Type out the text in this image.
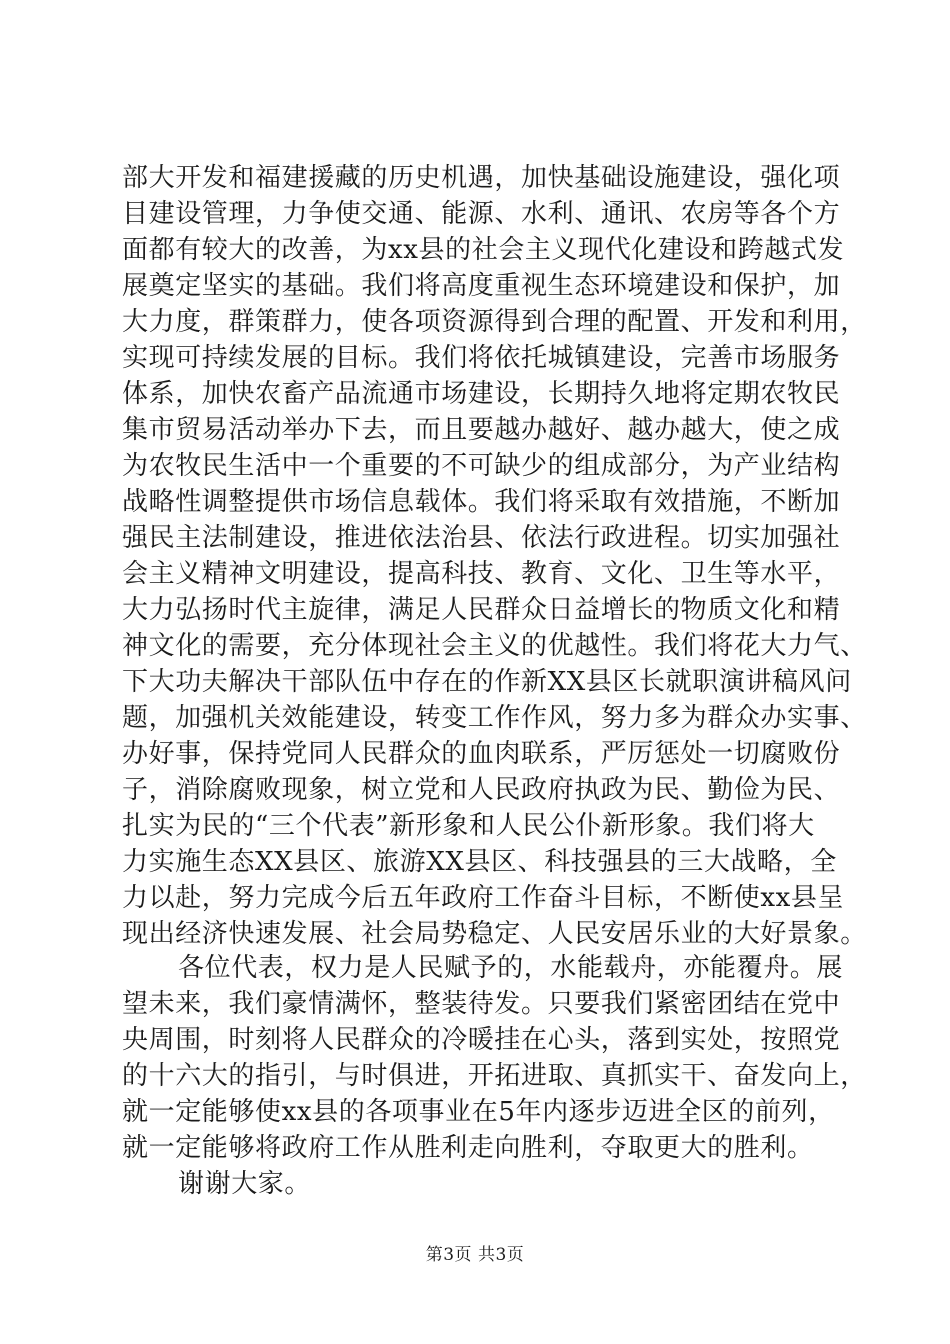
部大开发和福建援藏的历史机遇，加快基础设施建设，强化项
目建设管理，力争使交通、能源、水利、通讯、农房等各个方
面都有较大的改善，为xx县的社会主义现代化建设和跨越式发
展奠定坚实的基础。我们将高度重视生态环境建设和保护，加
大力度，群策群力，使各项资源得到合理的配置、开发和利用，
实现可持续发展的目标。我们将依托城镇建设，完善市场服务
体系，加快农畜产品流通市场建设，长期持久地将定期农牧民
集市贸易活动举办下去，而且要越办越好、越办越大，使之成
为农牧民生活中一个重要的不可缺少的组成部分，为产业结构
战略性调整提供市场信息载体。我们将采取有效措施，不断加
强民主法制建设，推进依法治县、依法行政进程。切实加强社
会主义精神文明建设，提高科技、教育、文化、卫生等水平，
大力弘扬时代主旋律，满足人民群众日益增长的物质文化和精
神文化的需要，充分体现社会主义的优越性。我们将花大力气、
下大功夫解决干部队伍中存在的作新XX县区长就职演讲稿风问
题，加强机关效能建设，转变工作作风，努力多为群众办实事、
办好事，保持党同人民群众的血肉联系，严厉惩处一切腐败份
子，消除腐败现象，树立党和人民政府执政为民、勤俭为民、
扎实为民的“三个代表”新形象和人民公仆新形象。我们将大
力实施生态XX县区、旅游XX县区、科技强县的三大战略，全
力以赴，努力完成今后五年政府工作奋斗目标，不断使xx县呈
现出经济快速发展、社会局势稳定、人民安居乐业的大好景象。
各位代表，权力是人民赋予的，水能载舟，亦能覆舟。展
望未来，我们豪情满怀，整装待发。只要我们紧密团结在党中
央周围，时刻将人民群众的冷暖挂在心头，落到实处，按照党
的十六大的指引，与时俱进，开拓进取、真抓实干、奋发向上，
就一定能够使xx县的各项事业在5年内逐步迈进全区的前列，
就一定能够将政府工作从胜利走向胜利，夺取更大的胜利。
谢谢大家。
第3页 共3页
